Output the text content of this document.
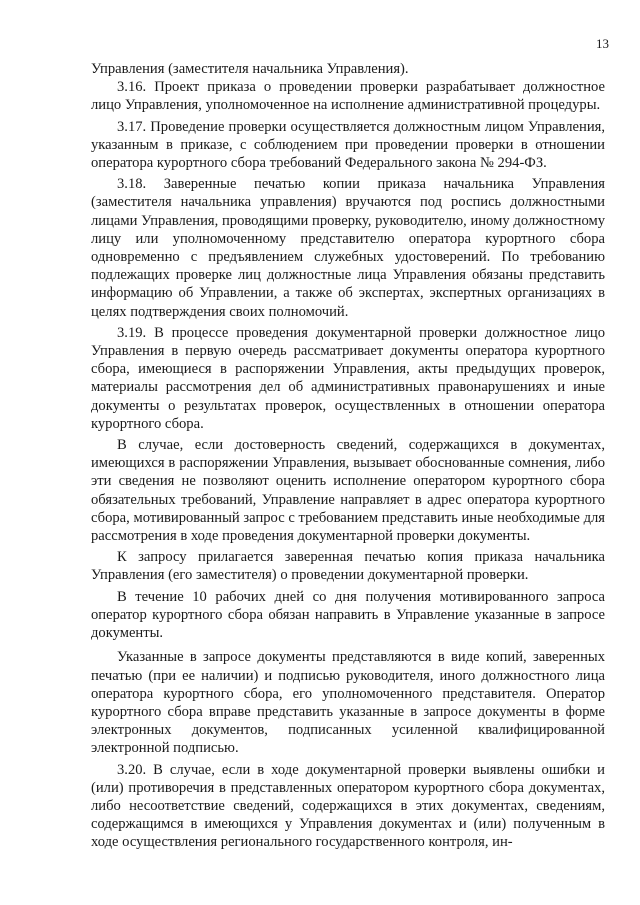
13

Управления (заместителя начальника Управления).

3.16. Проект приказа о проведении проверки разрабатывает должностное лицо Управления, уполномоченное на исполнение административной процедуры.

3.17. Проведение проверки осуществляется должностным лицом Управления, указанным в приказе, с соблюдением при проведении проверки в отношении оператора курортного сбора требований Федерального закона № 294-ФЗ.

3.18. Заверенные печатью копии приказа начальника Управления (заместителя начальника управления) вручаются под роспись должностными лицами Управления, проводящими проверку, руководителю, иному должностному лицу или уполномоченному представителю оператора курортного сбора одновременно с предъявлением служебных удостоверений. По требованию подлежащих проверке лиц должностные лица Управления обязаны представить информацию об Управлении, а также об экспертах, экспертных организациях в целях подтверждения своих полномочий.

3.19. В процессе проведения документарной проверки должностное лицо Управления в первую очередь рассматривает документы оператора курортного сбора, имеющиеся в распоряжении Управления, акты предыдущих проверок, материалы рассмотрения дел об административных правонарушениях и иные документы о результатах проверок, осуществленных в отношении оператора курортного сбора.

В случае, если достоверность сведений, содержащихся в документах, имеющихся в распоряжении Управления, вызывает обоснованные сомнения, либо эти сведения не позволяют оценить исполнение оператором курортного сбора обязательных требований, Управление направляет в адрес оператора курортного сбора, мотивированный запрос с требованием представить иные необходимые для рассмотрения в ходе проведения документарной проверки документы.

К запросу прилагается заверенная печатью копия приказа начальника Управления (его заместителя) о проведении документарной проверки.

В течение 10 рабочих дней со дня получения мотивированного запроса оператор курортного сбора обязан направить в Управление указанные в запросе документы.

Указанные в запросе документы представляются в виде копий, заверенных печатью (при ее наличии) и подписью руководителя, иного должностного лица оператора курортного сбора, его уполномоченного представителя. Оператор курортного сбора вправе представить указанные в запросе документы в форме электронных документов, подписанных усиленной квалифицированной электронной подписью.

3.20. В случае, если в ходе документарной проверки выявлены ошибки и (или) противоречия в представленных оператором курортного сбора документах, либо несоответствие сведений, содержащихся в этих документах, сведениям, содержащимся в имеющихся у Управления документах и (или) полученным в ходе осуществления регионального государственного контроля, ин-
